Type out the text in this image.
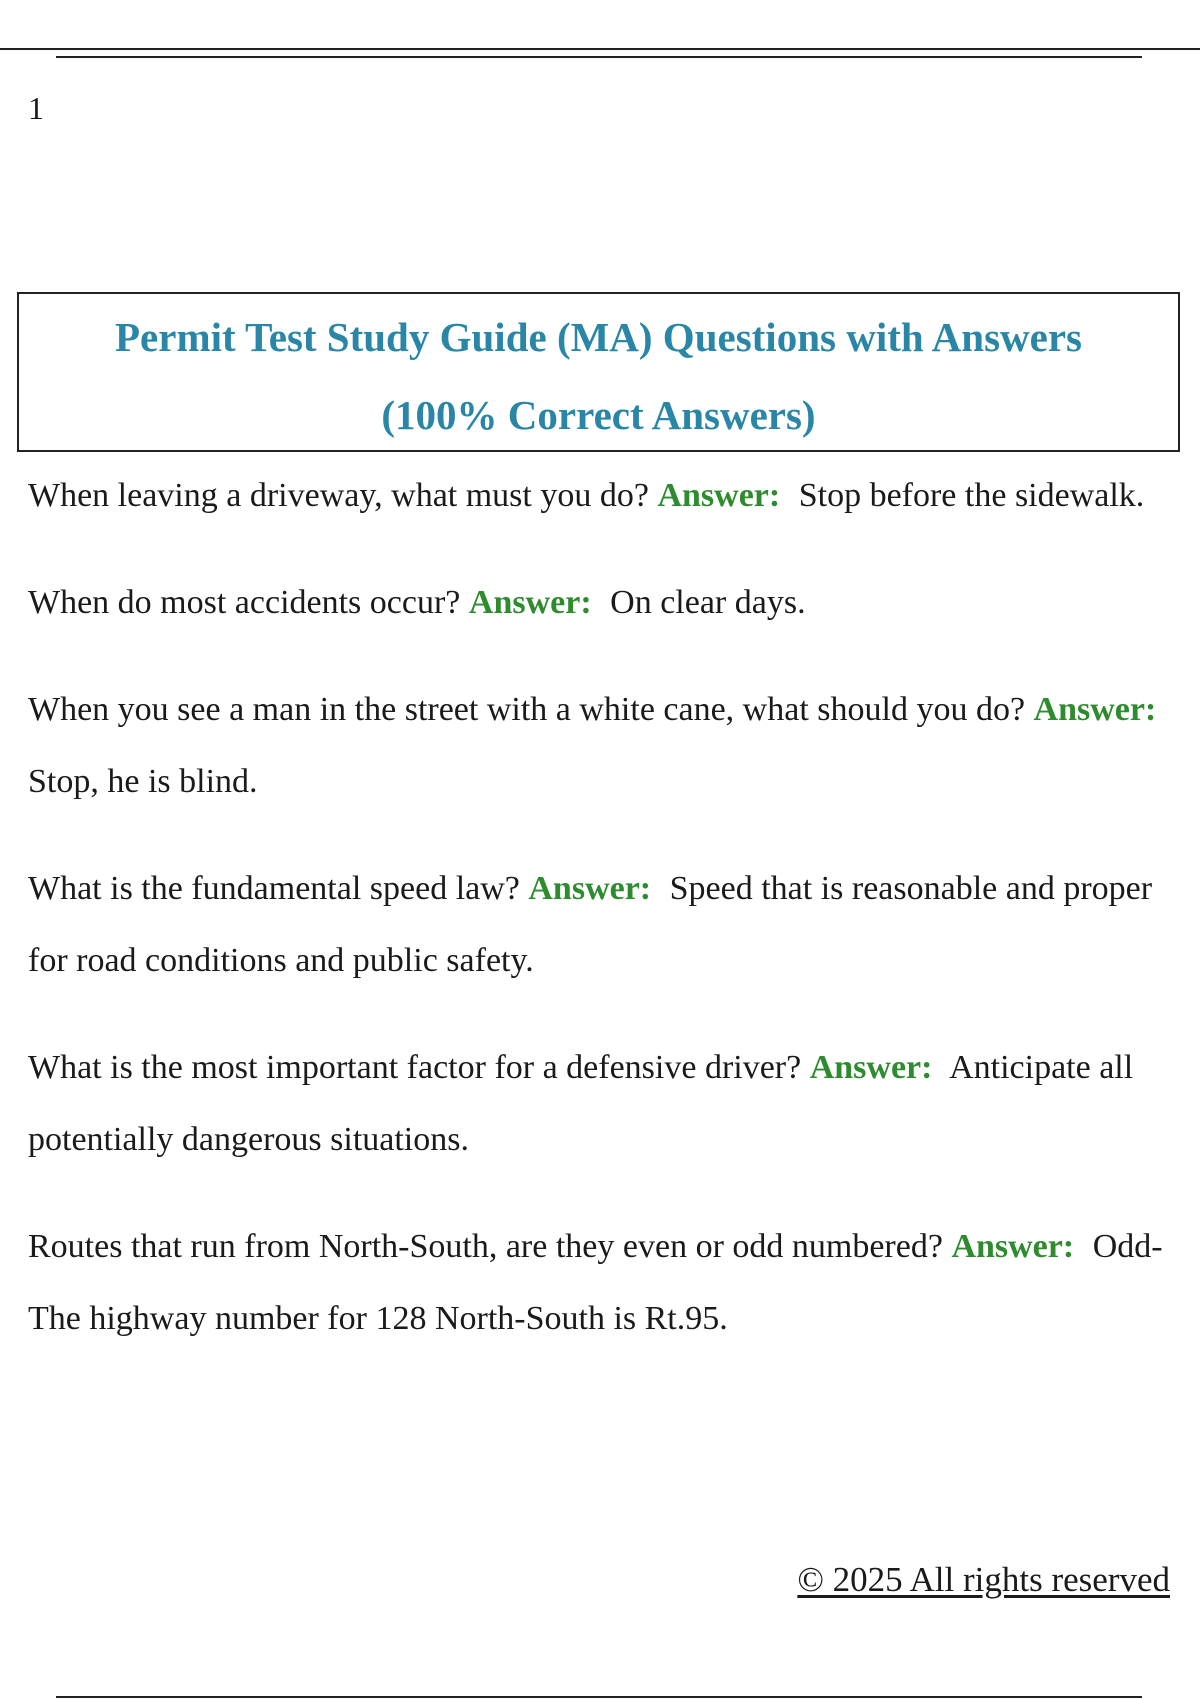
1
Permit Test Study Guide (MA) Questions with Answers
(100% Correct Answers)

When leaving a driveway, what must you do? Answer: Stop before the sidewalk.

When do most accidents occur? Answer: On clear days.

When you see a man in the street with a white cane, what should you do? Answer: Stop, he is blind.

What is the fundamental speed law? Answer: Speed that is reasonable and proper for road conditions and public safety.

What is the most important factor for a defensive driver? Answer: Anticipate all potentially dangerous situations.

Routes that run from North-South, are they even or odd numbered? Answer: Odd- The highway number for 128 North-South is Rt.95.

© 2025 All rights reserved
